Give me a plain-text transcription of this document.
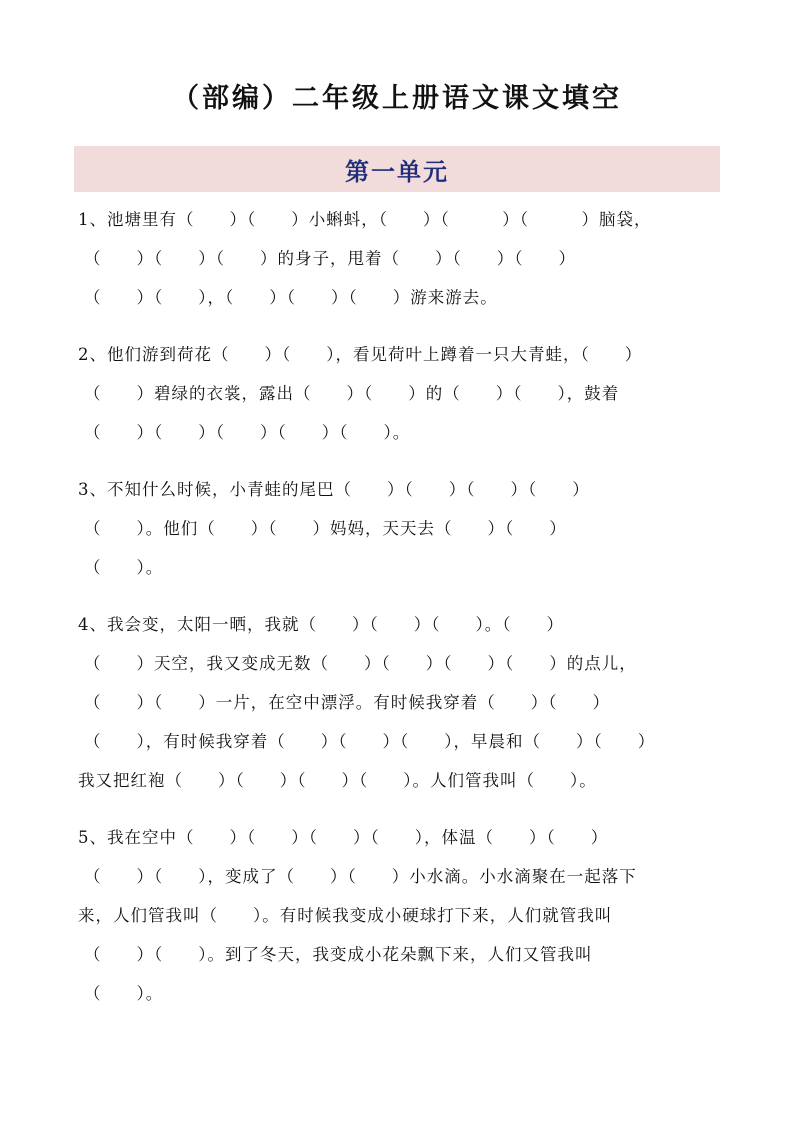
（部编）二年级上册语文课文填空
第一单元
1、池塘里有（　　）（　　）小蝌蚪，（　　）（　　　）（　　　）脑袋，
（　　）（　　）（　　）的身子，甩着（　　）（　　）（　　）
（　　）（　　），（　　）（　　）（　　）游来游去。
2、他们游到荷花（　　）（　　），看见荷叶上蹲着一只大青蛙，（　　）
（　　）碧绿的衣裳，露出（　　）（　　）的（　　）（　　），鼓着
（　　）（　　）（　　）（　　）（　　）。
3、不知什么时候，小青蛙的尾巴（　　）（　　）（　　）（　　）
（　　）。他们（　　）（　　）妈妈，天天去（　　）（　　）
（　　）。
4、我会变，太阳一晒，我就（　　）（　　）（　　）。（　　）
（　　）天空，我又变成无数（　　）（　　）（　　）（　　）的点儿，
（　　）（　　）一片，在空中漂浮。有时候我穿着（　　）（　　）
（　　），有时候我穿着（　　）（　　）（　　），早晨和（　　）（　　）
我又把红袍（　　）（　　）（　　）（　　）。人们管我叫（　　）。
5、我在空中（　　）（　　）（　　）（　　），体温（　　）（　　）
（　　）（　　），变成了（　　）（　　）小水滴。小水滴聚在一起落下
来，人们管我叫（　　）。有时候我变成小硬球打下来，人们就管我叫
（　　）（　　）。到了冬天，我变成小花朵飘下来，人们又管我叫
（　　）。
